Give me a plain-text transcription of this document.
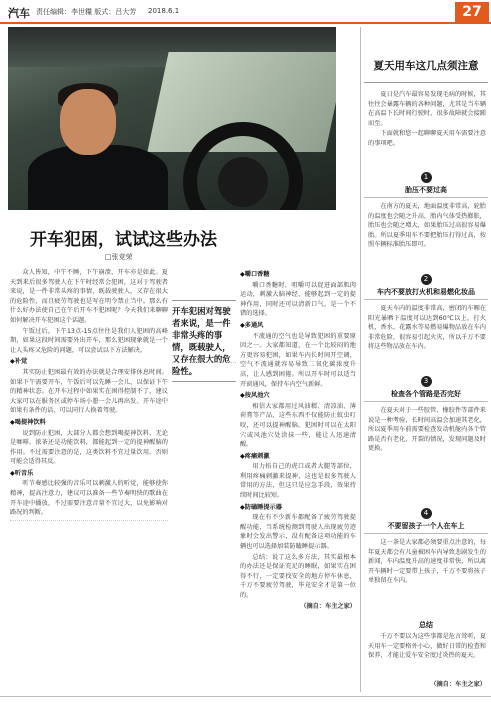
汽车 责任编辑：李世糧 版式：吕大芳 2018.6.1	27
开车犯困，试试这些办法
□张竞荣
开车犯困对驾驶者来说，是一件非常头疼的事情，既载驶人，又存在很大的危险性。

众人皆知，中午不睡，下午崩溃，开车亦是如此。夏天到来后很多驾驶人在下午时经常会犯困，这对于驾驶者来说，是一件非常头疼的事情，既载驶驶人，又存在很大的危险性，而且疲劳驾驶也是写在明令禁止当中。那么有什么好办法使自己在午后开车不犯困呢？今天我们来聊聊如何解决开车犯困这个话题。

午饭过后，下午13点-15点往往是我们人犯困的高峰期，如果这段时间需要外出开车，那么犯困现象就是一个让人头疼又危险的问题，可以尝试以下方法解决。

◆补觉

其实防止犯困最有效的办法就是合理安排休息时间。如果下午需要开车，午饭后可以先睡一会儿，以保证下午的精神状态。在开车过程中如果实在困得控制不了，建议大家可以在服务区或停车场小憩一会儿再出发。开车途中如果有条件的话，可以同行人换着驾驶。

◆喝提神饮料

说到防止犯困，大部分人都会想到喝提神饮料，无论是咖啡、浓茶还是功能饮料，都能起到一定的提神醒脑的作用。不过需要注意的是，这类饮料不宜过量饮用，否则可能会适得其反。

◆听音乐

听节奏感比较强的音乐可以刺激人的听觉，能够使你精神，提高注意力，建议可以准备一些节奏明快的歌曲在开车途中播放，不过需要注意音量不宜过大，以免影响对路况的判断。

◆嚼口香糖

嚼口香糖时，咀嚼可以促进面部肌肉运动，刺激大脑神经，能够起到一定的提神作用，同时还可以清新口气，是一个不错的选择。

◆多通风

不流通的空气也是导致犯困的重要原因之一。大家都知道，在一个比较闷的地方更容易犯困，如果车内长时间开空调，空气不流通就容易导致二氧化碳浓度升高，让人感到困倦。所以开车时可以适当开窗通风，保持车内空气新鲜。

◆按风池穴

相信大家都用过风油精、清凉油、薄荷膏等产品，这些东西不仅能防止蚊虫叮咬，还可以提神醒脑。犯困时可以在太阳穴或风池穴处涂抹一些，能让人迅速清醒。

◆疼痛刺激

用力掐自己的虎口或者大腿等部位，利用疼痛刺激来提神，这也是很多驾驶人常用的方法，但这只是应急手段，效果持续时间比较短。

◆防磕睡提示器

现在有不少新车都配备了疲劳驾驶提醒功能，当系统检测到驾驶人出现疲劳迹象时会发出警示，没有配备这项功能的车辆也可以选择加装防瞌睡提示器。

总结：说了这么多方法，其实最根本的办法还是保证充足的睡眠，如果实在困得不行，一定要找安全的地方停车休息，千万不要疲劳驾驶，毕竟安全才是第一位的。

（摘自：车主之家）
夏天用车这几点须注意

夏日是汽车最容易发现毛病的时候，其往往会暴露车辆的各种问题，尤其是当车辆在高温下长时间行驶时，很多故障就会接踵而至。

下面就和您一起聊聊夏天用车需要注意的事项吧。

1
胎压不要过高

在南方的夏天，地面温度非常高，轮胎的温度也会随之升高，胎内气体受热膨胀，胎压也会随之增大，如果胎压过高很容易爆胎。所以夏季用车不要把胎压打得过高，按照车辆标准胎压即可。

2
车内不要放打火机和易燃化妆品

夏天车内的温度非常高，密闭的车厢在阳光暴晒下温度可以达到60℃以上，打火机、香水、花露水等易燃易爆物品放在车内非常危险，很容易引起火灾，所以千万不要将这些物品放在车内。

3
检查各个管路是否完好

在夏天对于一些胶管、橡胶件等部件来说是一种考验，长时间高温会加速其老化，所以夏季用车前需要检查发动机舱内各个管路是否有老化、开裂的情况，发现问题及时更换。

4
不要留孩子一个人在车上

这一条是大家都必须要重点注意的，每年夏天都会有儿童被困车内导致悲剧发生的新闻，车内温度升高的速度非常快，所以离开车辆时一定要带上孩子，千万不要将孩子单独留在车内。

总结

千万不要以为这些事都是危言耸听，夏天用车一定要格外小心，做好日常的检查和保养，才能让爱车安全度过炎热的夏天。

（摘自：车主之家）
